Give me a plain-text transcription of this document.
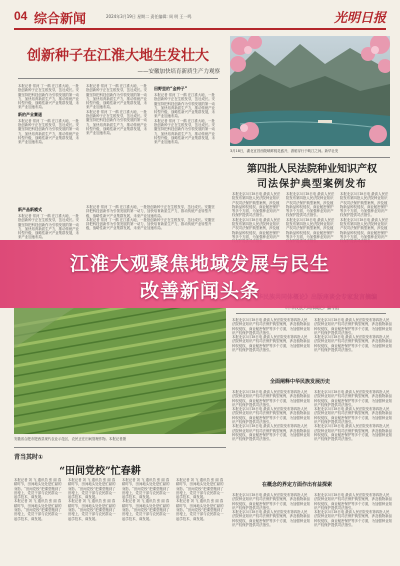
04 综合新闻	2024年3月19日 星期二 责任编辑: 周 明 王一鸣	光明日报
创新种子在江淮大地生发壮大
——安徽加快培育新质生产力观察
本报记者 常河 丁一鹤 在江淮大地，一批批创新种子正在生根发芽，茁壮成长。安徽坚持把科技创新作为引领发展的第一动力，加快培育新质生产力，推动传统产业转型升级，战略性新兴产业集群发展，未来产业加速布局。
新的产业赛道
本报记者 常河 丁一鹤 在江淮大地，一批批创新种子正在生根发芽，茁壮成长。安徽坚持把科技创新作为引领发展的第一动力，加快培育新质生产力，推动传统产业转型升级，战略性新兴产业集群发展，未来产业加速布局。
本报记者 常河 丁一鹤 在江淮大地，一批批创新种子正在生根发芽，茁壮成长。安徽坚持把科技创新作为引领发展的第一动力，加快培育新质生产力，推动传统产业转型升级，战略性新兴产业集群发展，未来产业加速布局。
本报记者 常河 丁一鹤 在江淮大地，一批批创新种子正在生根发芽，茁壮成长。安徽坚持把科技创新作为引领发展的第一动力，加快培育新质生产力，推动传统产业转型升级，战略性新兴产业集群发展，未来产业加速布局。
田野里的“金种子”
本报记者 常河 丁一鹤 在江淮大地，一批批创新种子正在生根发芽，茁壮成长。安徽坚持把科技创新作为引领发展的第一动力，加快培育新质生产力，推动传统产业转型升级，战略性新兴产业集群发展，未来产业加速布局。
本报记者 常河 丁一鹤 在江淮大地，一批批创新种子正在生根发芽，茁壮成长。安徽坚持把科技创新作为引领发展的第一动力，加快培育新质生产力，推动传统产业转型升级，战略性新兴产业集群发展，未来产业加速布局。
新产品新模式
本报记者 常河 丁一鹤 在江淮大地，一批批创新种子正在生根发芽，茁壮成长。安徽坚持把科技创新作为引领发展的第一动力，加快培育新质生产力，推动传统产业转型升级，战略性新兴产业集群发展，未来产业加速布局。
本报记者 常河 丁一鹤 在江淮大地，一批批创新种子正在生根发芽，茁壮成长。安徽坚持把科技创新作为引领发展的第一动力，加快培育新质生产力，推动传统产业转型升级，战略性新兴产业集群发展，未来产业加速布局。
本报记者 常河 丁一鹤 在江淮大地，一批批创新种子正在生根发芽，茁壮成长。安徽坚持把科技创新作为引领发展的第一动力，加快培育新质生产力，推动传统产业转型升级，战略性新兴产业集群发展，未来产业加速布局。
3月18日，湖北宜昌西陵峡畔桃花盛开，游船穿行于峡江之间。新华社发
第四批人民法院种业知识产权
司法保护典型案例发布
本报北京3月18日电 最高人民法院发布第四批人民法院种业知识产权司法保护典型案例，涉及植物新品种权侵权、商业秘密保护等多个方面，为加强种业知识产权保护提供司法指引。
本报北京3月18日电 最高人民法院发布第四批人民法院种业知识产权司法保护典型案例，涉及植物新品种权侵权、商业秘密保护等多个方面，为加强种业知识产
本报北京3月18日电 最高人民法院发布第四批人民法院种业知识产权司法保护典型案例，涉及植物新品种权侵权、商业秘密保护等多个方面，为加强种业知识产权保护提供司法指引。
本报北京3月18日电 最高人民法院发布第四批人民法院种业知识产权司法保护典型案例，涉及植物新品种权侵权、商业秘密保护等多个方面，为加强种业知识产
本报北京3月18日电 最高人民法院发布第四批人民法院种业知识产权司法保护典型案例，涉及植物新品种权侵权、商业秘密保护等多个方面，为加强种业知识产权保护提供司法指引。
本报北京3月18日电 最高人民法院发布第四批人民法院种业知识产权司法保护典型案例，涉及植物新品种权侵权、商业秘密保护等多个方面，为加强种业知识产
本报北京3月18日电 最高人民法院发布第四批人民法院种业知识产权司法保护典型案例，涉及植物新品种权侵权、商业秘密保护等多个方面，为加强种业知识产权保护提供司法指引。
本报北京3月18日电 最高人民法院发布第四批人民法院种业知识产权司法保护典型案例，涉及植物新品种权侵权、商业秘密保护等多个方面，为加强种业知识产权保护提供司法指引。
本报北京3月18日电 最高人民法院发布第四批人民法院种业知识产权司法保护典型案例，涉及植物新品种权侵权、商业秘密保护等多个方面，为加强种业知识产权保护提供司法指引。
本报北京3月18日电 最高人民法院发布第四批人民法院种业知识产权司法保护典型案例，涉及植物新品种权侵权、商业秘密保护等多个方面，为加强种业知识产权保护提供司法指引。
全面阐释中华民族发展历史
本报北京3月18日电 最高人民法院发布第四批人民法院种业知识产权司法保护典型案例，涉及植物新品种权侵权、商业秘密保护等多个方面，为加强种业知识产权保护提供司法指引。
本报北京3月18日电 最高人民法院发布第四批人民法院种业知识产权司法保护典型案例，涉及植物新品种权侵权、商业秘密保护等多个方面，为加强种业知识产权保护提供司法指引。
本报北京3月18日电 最高人民法院发布第四批人民法院种业知识产权司法保护典型案例，涉及植物新品种权侵权、商业秘密保护等多个方面，为加强种业知识产权保护提供司法指引。
本报北京3月18日电 最高人民法院发布第四批人民法院种业知识产权司法保护典型案例，涉及植物新品种权侵权、商业秘密保护等多个方面，为加强种业知识产权保护提供司法指引。
本报北京3月18日电 最高人民法院发布第四批人民法院种业知识产权司法保护典型案例，涉及植物新品种权侵权、商业秘密保护等多个方面，为加强种业知识产权保护提供司法指引。
本报北京3月18日电 最高人民法院发布第四批人民法院种业知识产权司法保护典型案例，涉及植物新品种权侵权、商业秘密保护等多个方面，为加强种业知识产权保护提供司法指引。
在概念的界定方面作出有益探索
本报北京3月18日电 最高人民法院发布第四批人民法院种业知识产权司法保护典型案例，涉及植物新品种权侵权、商业秘密保护等多个方面，为加强种业知识产权保护提供司法指引。
本报北京3月18日电 最高人民法院发布第四批人民法院种业知识产权司法保护典型案例，涉及植物新品种权侵权、商业秘密保护等多个方面，为加强种业知识产权保护提供司法指引。
本报北京3月18日电 最高人民法院发布第四批人民法院种业知识产权司法保护典型案例，涉及植物新品种权侵权、商业秘密保护等多个方面，为加强种业知识产权保护提供司法指引。
本报北京3月18日电 最高人民法院发布第四批人民法院种业知识产权司法保护典型案例，涉及植物新品种权侵权、商业秘密保护等多个方面，为加强种业知识产权保护提供司法指引。
安徽省合肥市肥西县现代农业示范区，农民正在田间管理作物。本报记者摄
青当其时①
“田间党校”忙春耕
本报记者 刘 飞 通讯员 张 丽 春耕时节，田间地头处处是忙碌的身影。“田间党校”把课堂搬到了田埂上，党员干部与农民群众一起学技术、谋发展。
本报记者 刘 飞 通讯员 张 丽 春耕时节，田间地头处处是忙碌的身影。“田间党校”把课堂搬到了田埂上，党员干部与农民群众一起学技术、谋发展。
本报记者 刘 飞 通讯员 张 丽 春耕时节，田间地头处处是忙碌的身影。“田间党校”把课堂搬到了田埂上，党员干部与农民群众一起学技术、谋发展。
本报记者 刘 飞 通讯员 张 丽 春耕时节，田间地头处处是忙碌的身影。“田间党校”把课堂搬到了田埂上，党员干部与农民群众一起学技术、谋发展。
本报记者 刘 飞 通讯员 张 丽 春耕时节，田间地头处处是忙碌的身影。“田间党校”把课堂搬到了田埂上，党员干部与农民群众一起学技术、谋发展。
本报记者 刘 飞 通讯员 张 丽 春耕时节，田间地头处处是忙碌的身影。“田间党校”把课堂搬到了田埂上，党员干部与农民群众一起学技术、谋发展。
本报记者 刘 飞 通讯员 张 丽 春耕时节，田间地头处处是忙碌的身影。“田间党校”把课堂搬到了田埂上，党员干部与农民群众一起学技术、谋发展。
本报记者 刘 飞 通讯员 张 丽 春耕时节，田间地头处处是忙碌的身影。“田间党校”把课堂搬到了田埂上，党员干部与农民群众一起学技术、谋发展。
江淮大观聚焦地域发展与民生
改善新闻头条
